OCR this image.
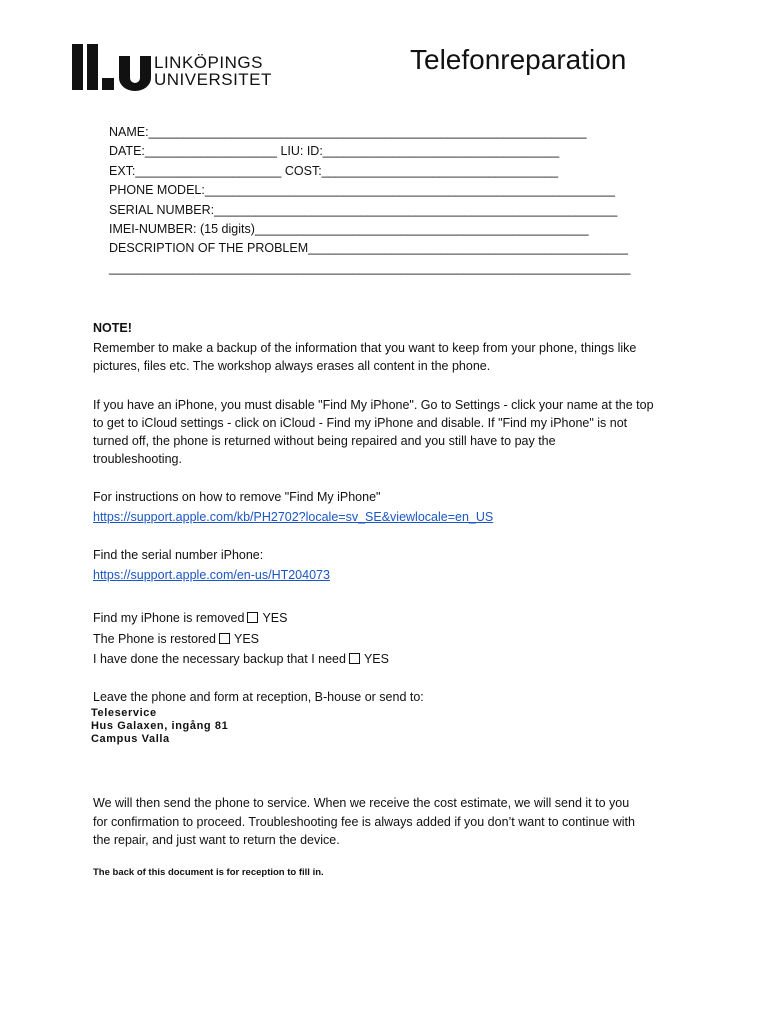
LINKÖPINGS
UNIVERSITET
Telefonreparation
NAME:_______________________________________________________________
DATE:___________________ LIU: ID:__________________________________
EXT:_____________________ COST:__________________________________
PHONE MODEL:___________________________________________________________
SERIAL NUMBER:__________________________________________________________
IMEI-NUMBER: (15 digits)________________________________________________
DESCRIPTION OF THE PROBLEM______________________________________________
___________________________________________________________________________
NOTE!
Remember to make a backup of the information that you want to keep from your phone, things like
pictures, files etc. The workshop always erases all content in the phone.
If you have an iPhone, you must disable "Find My iPhone". Go to Settings - click your name at the top
to get to iCloud settings - click on iCloud - Find my iPhone and disable. If "Find my iPhone" is not
turned off, the phone is returned without being repaired and you still have to pay the
troubleshooting.
For instructions on how to remove "Find My iPhone"
https://support.apple.com/kb/PH2702?locale=sv_SE&viewlocale=en_US
Find the serial number iPhone:
https://support.apple.com/en-us/HT204073
Find my iPhone is removed YES
The Phone is restored YES
I have done the necessary backup that I need YES
Leave the phone and form at reception, B-house or send to:
Teleservice
Hus Galaxen, ingång 81
Campus Valla
We will then send the phone to service. When we receive the cost estimate, we will send it to you
for confirmation to proceed. Troubleshooting fee is always added if you don’t want to continue with
the repair, and just want to return the device.
The back of this document is for reception to fill in.
